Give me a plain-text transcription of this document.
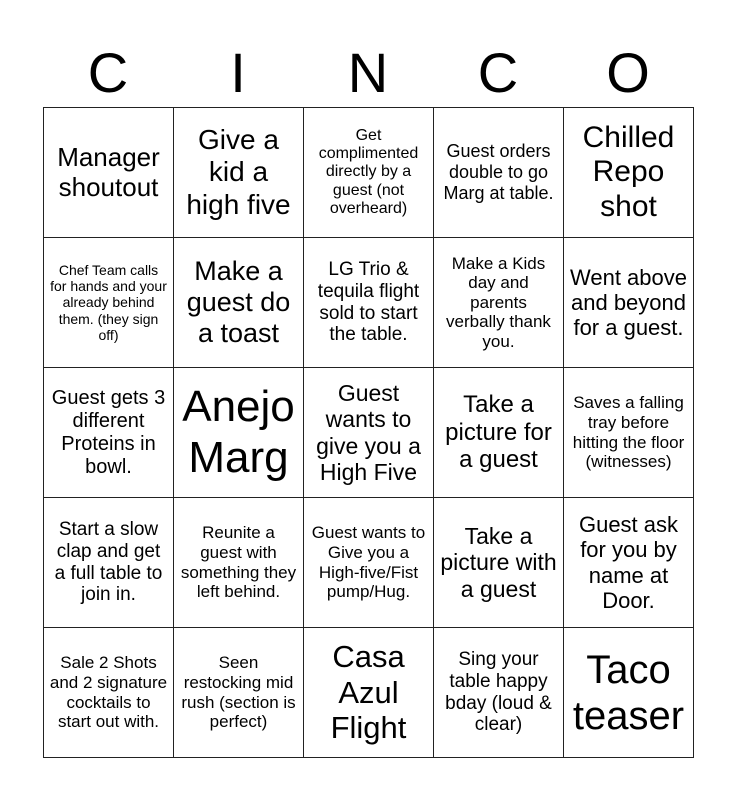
C	I	N	C	O
Manager shoutout	Give a kid a high five	Get complimented directly by a guest (not overheard)	Guest orders double to go Marg at table.	Chilled Repo shot
Chef Team calls for hands and your already behind them. (they sign off)	Make a guest do a toast	LG Trio & tequila flight sold to start the table.	Make a Kids day and parents verbally thank you.	Went above and beyond for a guest.
Guest gets 3 different Proteins in bowl.	Anejo Marg	Guest wants to give you a High Five	Take a picture for a guest	Saves a falling tray before hitting the floor (witnesses)
Start a slow clap and get a full table to join in.	Reunite a guest with something they left behind.	Guest wants to Give you a High-five/Fist pump/Hug.	Take a picture with a guest	Guest ask for you by name at Door.
Sale 2 Shots and 2 signature cocktails to start out with.	Seen restocking mid rush (section is perfect)	Casa Azul Flight	Sing your table happy bday (loud & clear)	Taco teaser
